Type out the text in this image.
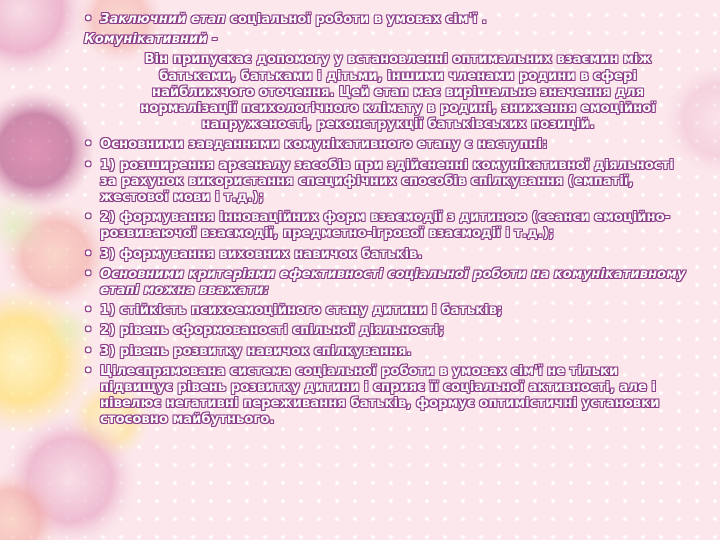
• Заключний етап соціальної роботи в умовах сім'ї .
Комунікативний -
Він припускає допомогу у встановленні оптимальних взаємин між батьками, батьками і дітьми, іншими членами родини в сфері найближчого оточення. Цей етап має вирішальне значення для нормалізації психологічного клімату в родині, зниження емоційної напруженості, реконструкції батьківських позицій.
• Основними завданнями комунікативного етапу є наступні:
• 1) розширення арсеналу засобів при здійсненні комунікативної діяльності за рахунок використання специфічних способів спілкування (емпатії, жестової мови і т.д.);
• 2) формування інноваційних форм взаємодії з дитиною (сеанси емоційно-розвиваючої взаємодії, предметно-ігрової взаємодії і т.д.);
• 3) формування виховних навичок батьків.
• Основними критеріями ефективності соціальної роботи на комунікативному етапі можна вважати:
• 1) стійкість психоемоційного стану дитини і батьків;
• 2) рівень сформованості спільної діяльності;
• 3) рівень розвитку навичок спілкування.
• Цілеспрямована система соціальної роботи в умовах сім'ї не тільки підвищує рівень розвитку дитини і сприяє її соціальної активності, але і нівелює негативні переживання батьків, формує оптимістичні установки стосовно майбутнього.
